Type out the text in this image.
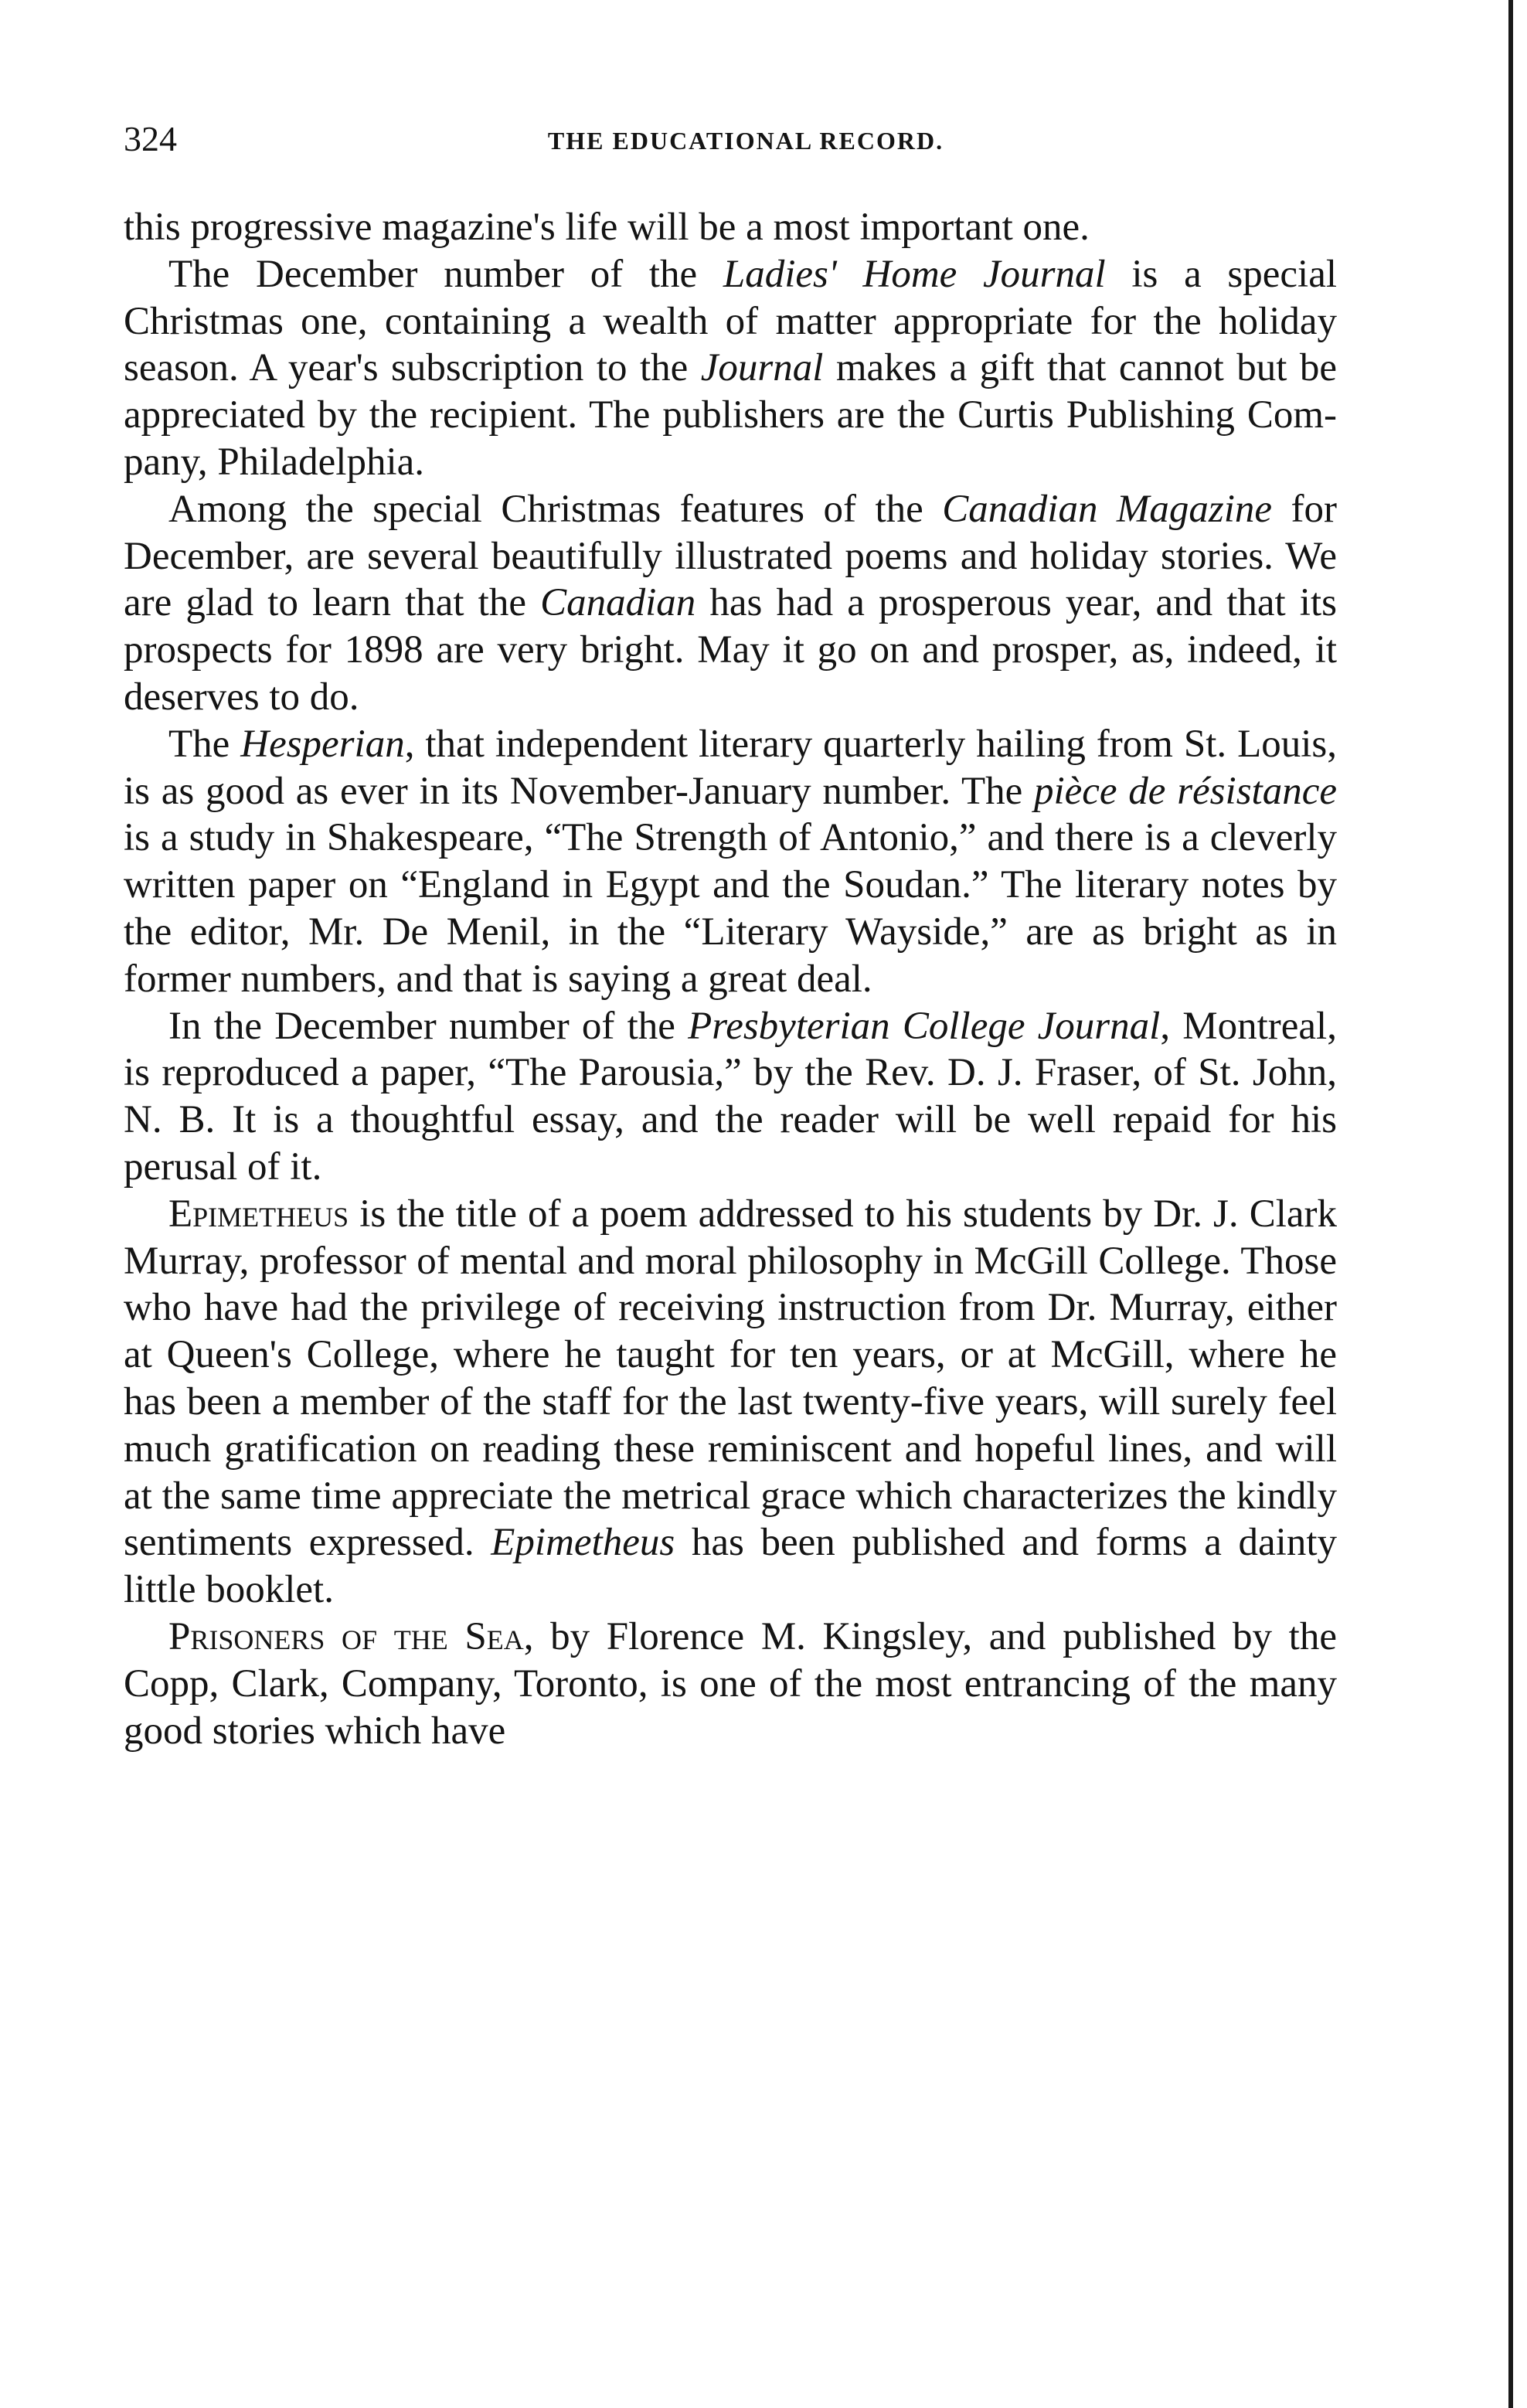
324	THE EDUCATIONAL RECORD.

this progressive magazine's life will be a most important one.

The December number of the Ladies' Home Journal is a special Christmas one, containing a wealth of matter appropriate for the holiday season. A year's subscription to the Journal makes a gift that cannot but be appreciated by the recipient. The publishers are the Curtis Publishing Company, Philadelphia.

Among the special Christmas features of the Canadian Magazine for December, are several beautifully illustrated poems and holiday stories. We are glad to learn that the Canadian has had a prosperous year, and that its prospects for 1898 are very bright. May it go on and prosper, as, indeed, it deserves to do.

The Hesperian, that independent literary quarterly hailing from St. Louis, is as good as ever in its November-January number. The pièce de résistance is a study in Shakespeare, “The Strength of Antonio,” and there is a cleverly written paper on “England in Egypt and the Soudan.” The literary notes by the editor, Mr. De Menil, in the “Literary Wayside,” are as bright as in former numbers, and that is saying a great deal.

In the December number of the Presbyterian College Journal, Montreal, is reproduced a paper, “The Parousia,” by the Rev. D. J. Fraser, of St. John, N. B. It is a thoughtful essay, and the reader will be well repaid for his perusal of it.

Epimetheus is the title of a poem addressed to his students by Dr. J. Clark Murray, professor of mental and moral philosophy in McGill College. Those who have had the privilege of receiving instruction from Dr. Murray, either at Queen's College, where he taught for ten years, or at McGill, where he has been a member of the staff for the last twenty-five years, will surely feel much gratification on reading these reminiscent and hopeful lines, and will at the same time appreciate the metrical grace which characterizes the kindly sentiments expressed. Epimetheus has been published and forms a dainty little booklet.

Prisoners of the Sea, by Florence M. Kingsley, and published by the Copp, Clark, Company, Toronto, is one of the most entrancing of the many good stories which have
